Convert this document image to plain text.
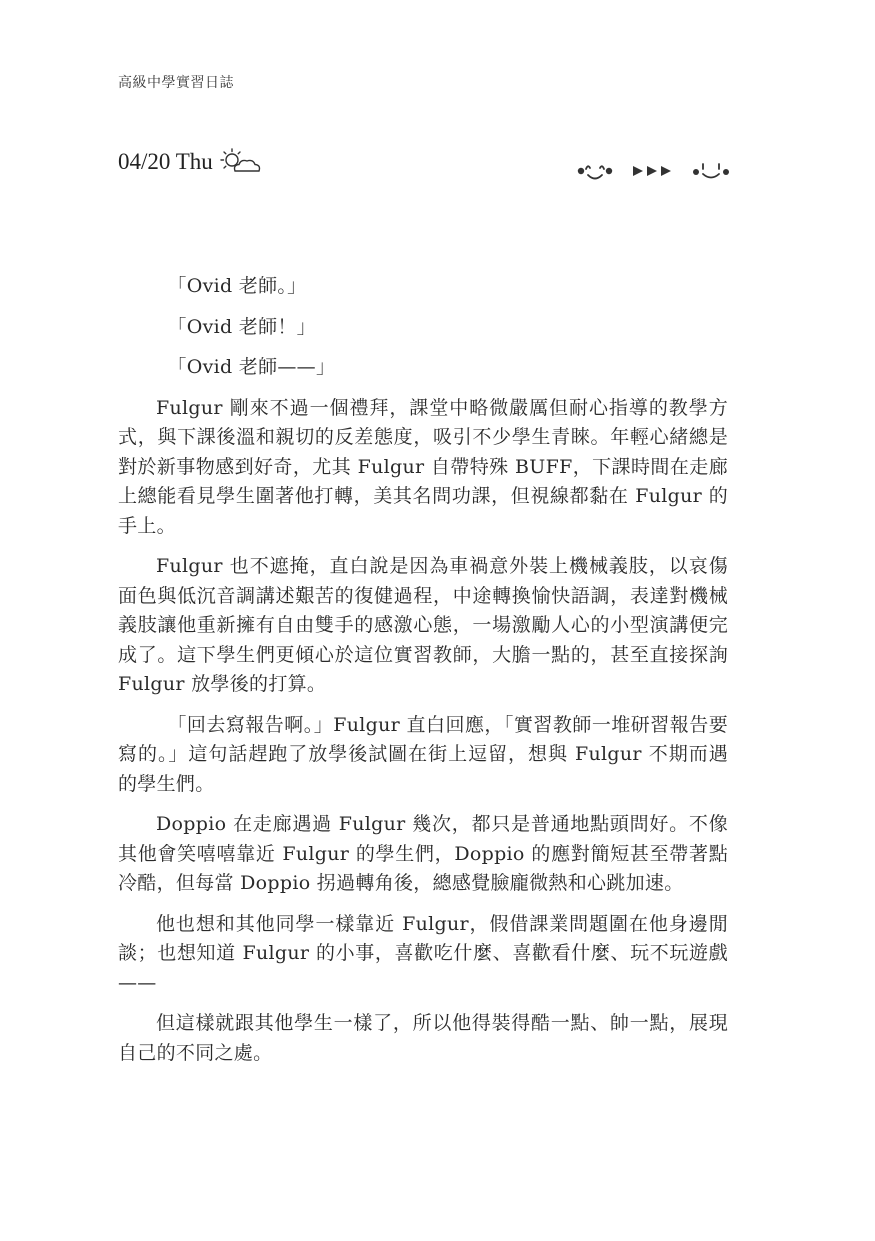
高級中學實習日誌
04/20 Thu

「Ovid 老師。」

「Ovid 老師！」

「Ovid 老師——」

Fulgur 剛來不過一個禮拜，課堂中略微嚴厲但耐心指導的教學方式，與下課後溫和親切的反差態度，吸引不少學生青睞。年輕心緒總是對於新事物感到好奇，尤其 Fulgur 自帶特殊 BUFF，下課時間在走廊上總能看見學生圍著他打轉，美其名問功課，但視線都黏在 Fulgur 的手上。

Fulgur 也不遮掩，直白說是因為車禍意外裝上機械義肢，以哀傷面色與低沉音調講述艱苦的復健過程，中途轉換愉快語調，表達對機械義肢讓他重新擁有自由雙手的感激心態，一場激勵人心的小型演講便完成了。這下學生們更傾心於這位實習教師，大膽一點的，甚至直接探詢 Fulgur 放學後的打算。

「回去寫報告啊。」Fulgur 直白回應，「實習教師一堆研習報告要寫的。」這句話趕跑了放學後試圖在街上逗留，想與 Fulgur 不期而遇的學生們。

Doppio 在走廊遇過 Fulgur 幾次，都只是普通地點頭問好。不像其他會笑嘻嘻靠近 Fulgur 的學生們，Doppio 的應對簡短甚至帶著點冷酷，但每當 Doppio 拐過轉角後，總感覺臉龐微熱和心跳加速。

他也想和其他同學一樣靠近 Fulgur，假借課業問題圍在他身邊閒談；也想知道 Fulgur 的小事，喜歡吃什麼、喜歡看什麼、玩不玩遊戲——

但這樣就跟其他學生一樣了，所以他得裝得酷一點、帥一點，展現自己的不同之處。
